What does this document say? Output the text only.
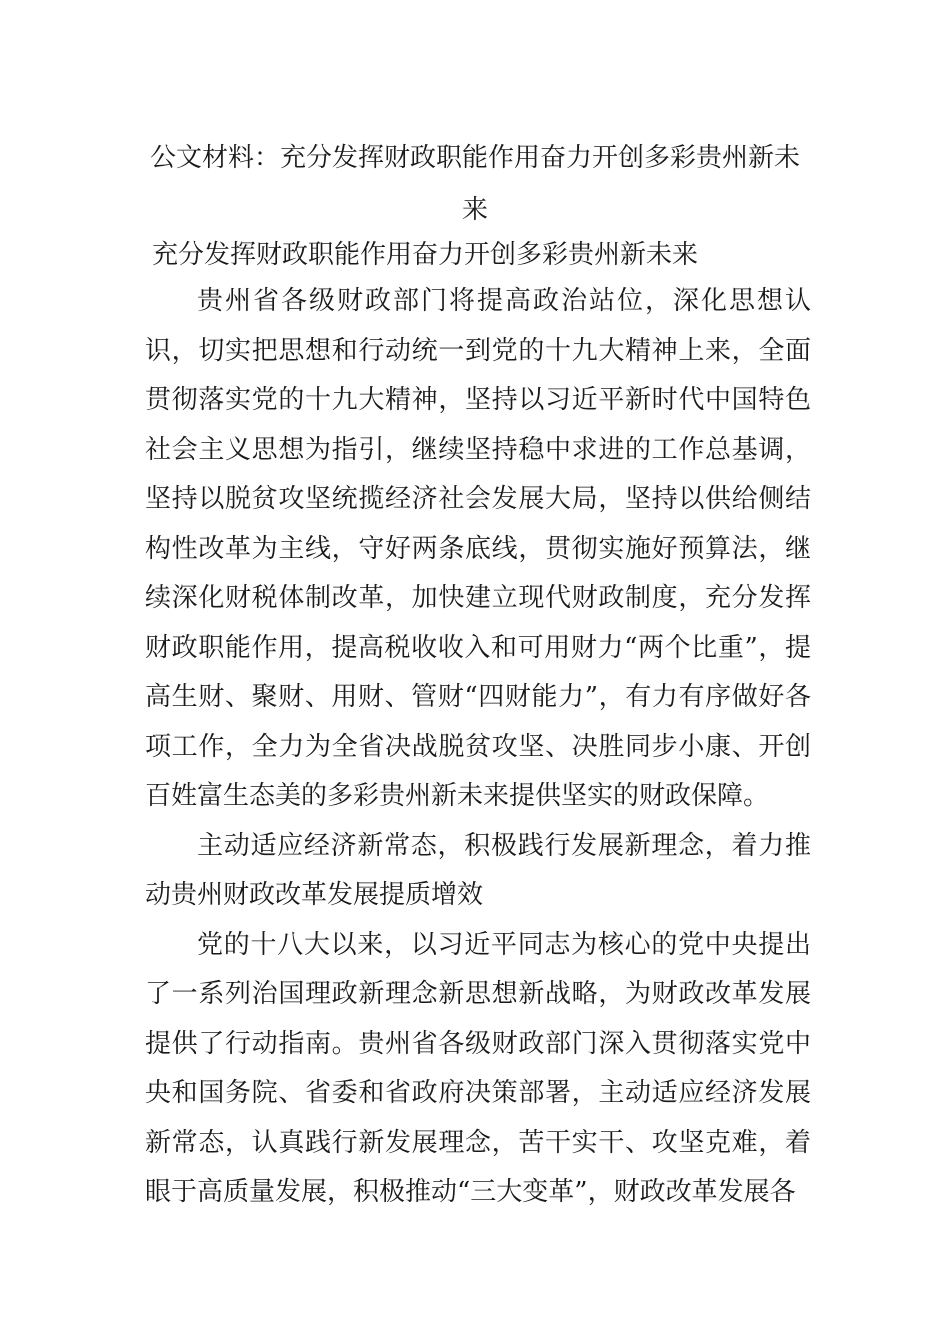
公文材料：充分发挥财政职能作用奋力开创多彩贵州新未来

充分发挥财政职能作用奋力开创多彩贵州新未来

贵州省各级财政部门将提高政治站位，深化思想认识，切实把思想和行动统一到党的十九大精神上来，全面贯彻落实党的十九大精神，坚持以习近平新时代中国特色社会主义思想为指引，继续坚持稳中求进的工作总基调，坚持以脱贫攻坚统揽经济社会发展大局，坚持以供给侧结构性改革为主线，守好两条底线，贯彻实施好预算法，继续深化财税体制改革，加快建立现代财政制度，充分发挥财政职能作用，提高税收收入和可用财力“两个比重”，提高生财、聚财、用财、管财“四财能力”，有力有序做好各项工作，全力为全省决战脱贫攻坚、决胜同步小康、开创百姓富生态美的多彩贵州新未来提供坚实的财政保障。

主动适应经济新常态，积极践行发展新理念，着力推动贵州财政改革发展提质增效

党的十八大以来，以习近平同志为核心的党中央提出了一系列治国理政新理念新思想新战略，为财政改革发展提供了行动指南。贵州省各级财政部门深入贯彻落实党中央和国务院、省委和省政府决策部署，主动适应经济发展新常态，认真践行新发展理念，苦干实干、攻坚克难，着眼于高质量发展，积极推动“三大变革”，财政改革发展各
